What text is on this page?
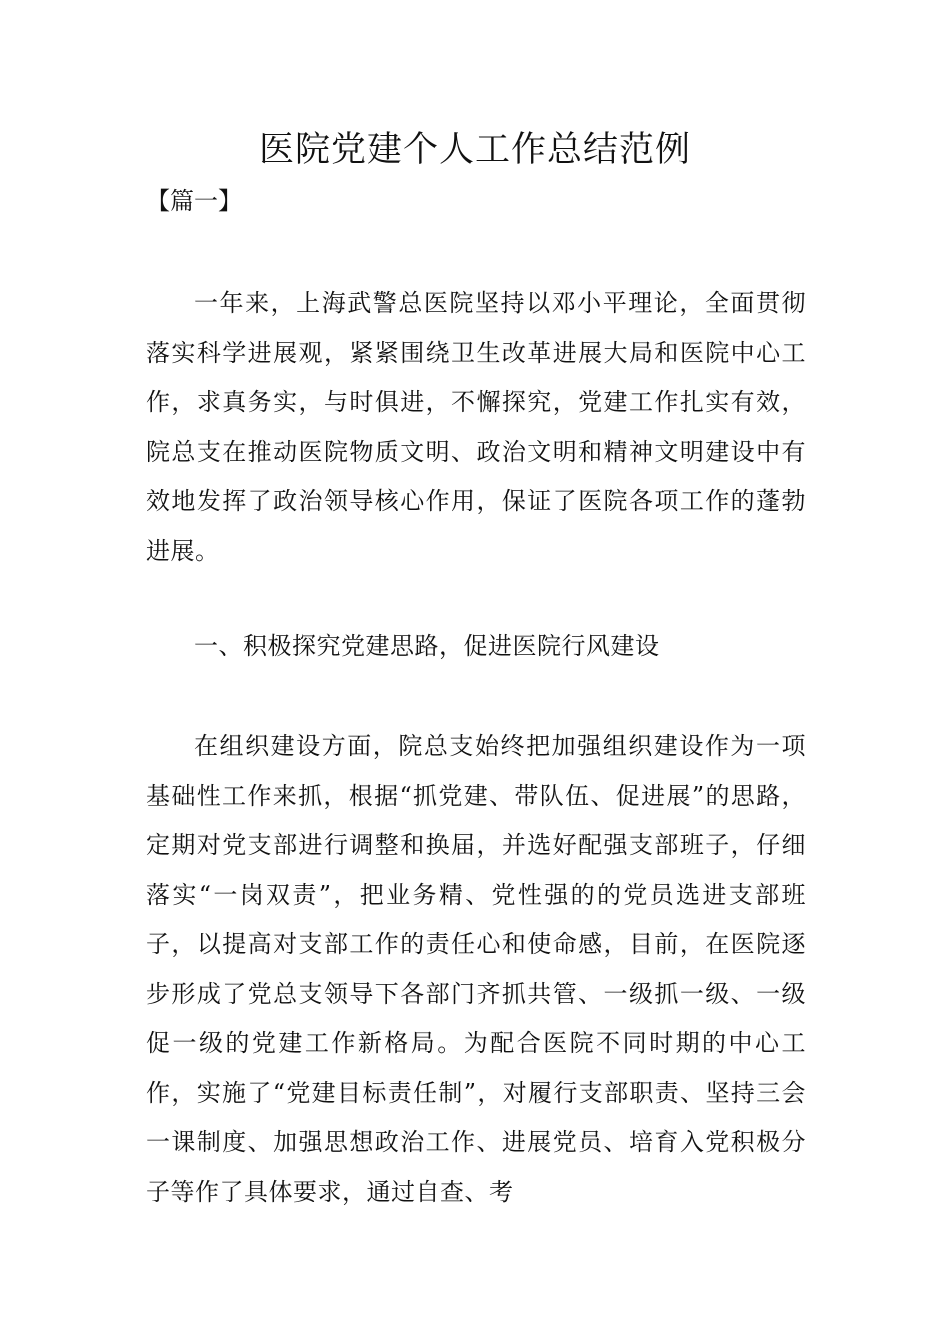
医院党建个人工作总结范例
【篇一】

一年来，上海武警总医院坚持以邓小平理论，全面贯彻落实科学进展观，紧紧围绕卫生改革进展大局和医院中心工作，求真务实，与时俱进，不懈探究，党建工作扎实有效，院总支在推动医院物质文明、政治文明和精神文明建设中有效地发挥了政治领导核心作用，保证了医院各项工作的蓬勃进展。

一、积极探究党建思路，促进医院行风建设

在组织建设方面，院总支始终把加强组织建设作为一项基础性工作来抓，根据“抓党建、带队伍、促进展”的思路，定期对党支部进行调整和换届，并选好配强支部班子，仔细落实“一岗双责”，把业务精、党性强的的党员选进支部班子，以提高对支部工作的责任心和使命感，目前，在医院逐步形成了党总支领导下各部门齐抓共管、一级抓一级、一级促一级的党建工作新格局。为配合医院不同时期的中心工作，实施了“党建目标责任制”，对履行支部职责、坚持三会一课制度、加强思想政治工作、进展党员、培育入党积极分子等作了具体要求，通过自查、考
